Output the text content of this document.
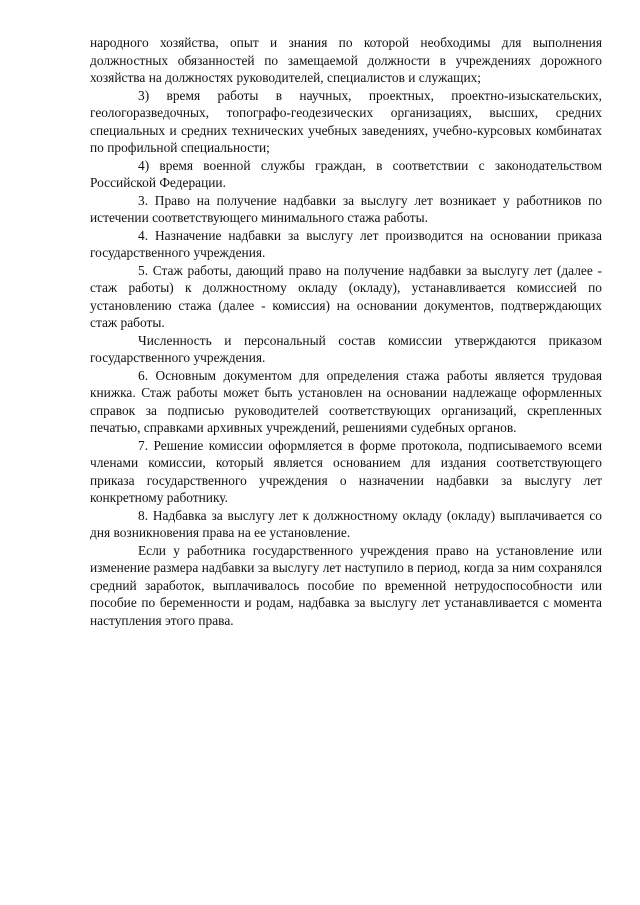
народного хозяйства, опыт и знания по которой необходимы для выполнения должностных обязанностей по замещаемой должности в учреждениях дорожного хозяйства на должностях руководителей, специалистов и служащих;

3) время работы в научных, проектных, проектно-изыскательских, геологоразведочных, топографо-геодезических организациях, высших, средних специальных и средних технических учебных заведениях, учебно-курсовых комбинатах по профильной специальности;

4) время военной службы граждан, в соответствии с законодательством Российской Федерации.

3. Право на получение надбавки за выслугу лет возникает у работников по истечении соответствующего минимального стажа работы.

4. Назначение надбавки за выслугу лет производится на основании приказа государственного учреждения.

5. Стаж работы, дающий право на получение надбавки за выслугу лет (далее - стаж работы) к должностному окладу (окладу), устанавливается комиссией по установлению стажа (далее - комиссия) на основании документов, подтверждающих стаж работы.

Численность и персональный состав комиссии утверждаются приказом государственного учреждения.

6. Основным документом для определения стажа работы является трудовая книжка. Стаж работы может быть установлен на основании надлежаще оформленных справок за подписью руководителей соответствующих организаций, скрепленных печатью, справками архивных учреждений, решениями судебных органов.

7. Решение комиссии оформляется в форме протокола, подписываемого всеми членами комиссии, который является основанием для издания соответствующего приказа государственного учреждения о назначении надбавки за выслугу лет конкретному работнику.

8. Надбавка за выслугу лет к должностному окладу (окладу) выплачивается со дня возникновения права на ее установление.

Если у работника государственного учреждения право на установление или изменение размера надбавки за выслугу лет наступило в период, когда за ним сохранялся средний заработок, выплачивалось пособие по временной нетрудоспособности или пособие по беременности и родам, надбавка за выслугу лет устанавливается с момента наступления этого права.
